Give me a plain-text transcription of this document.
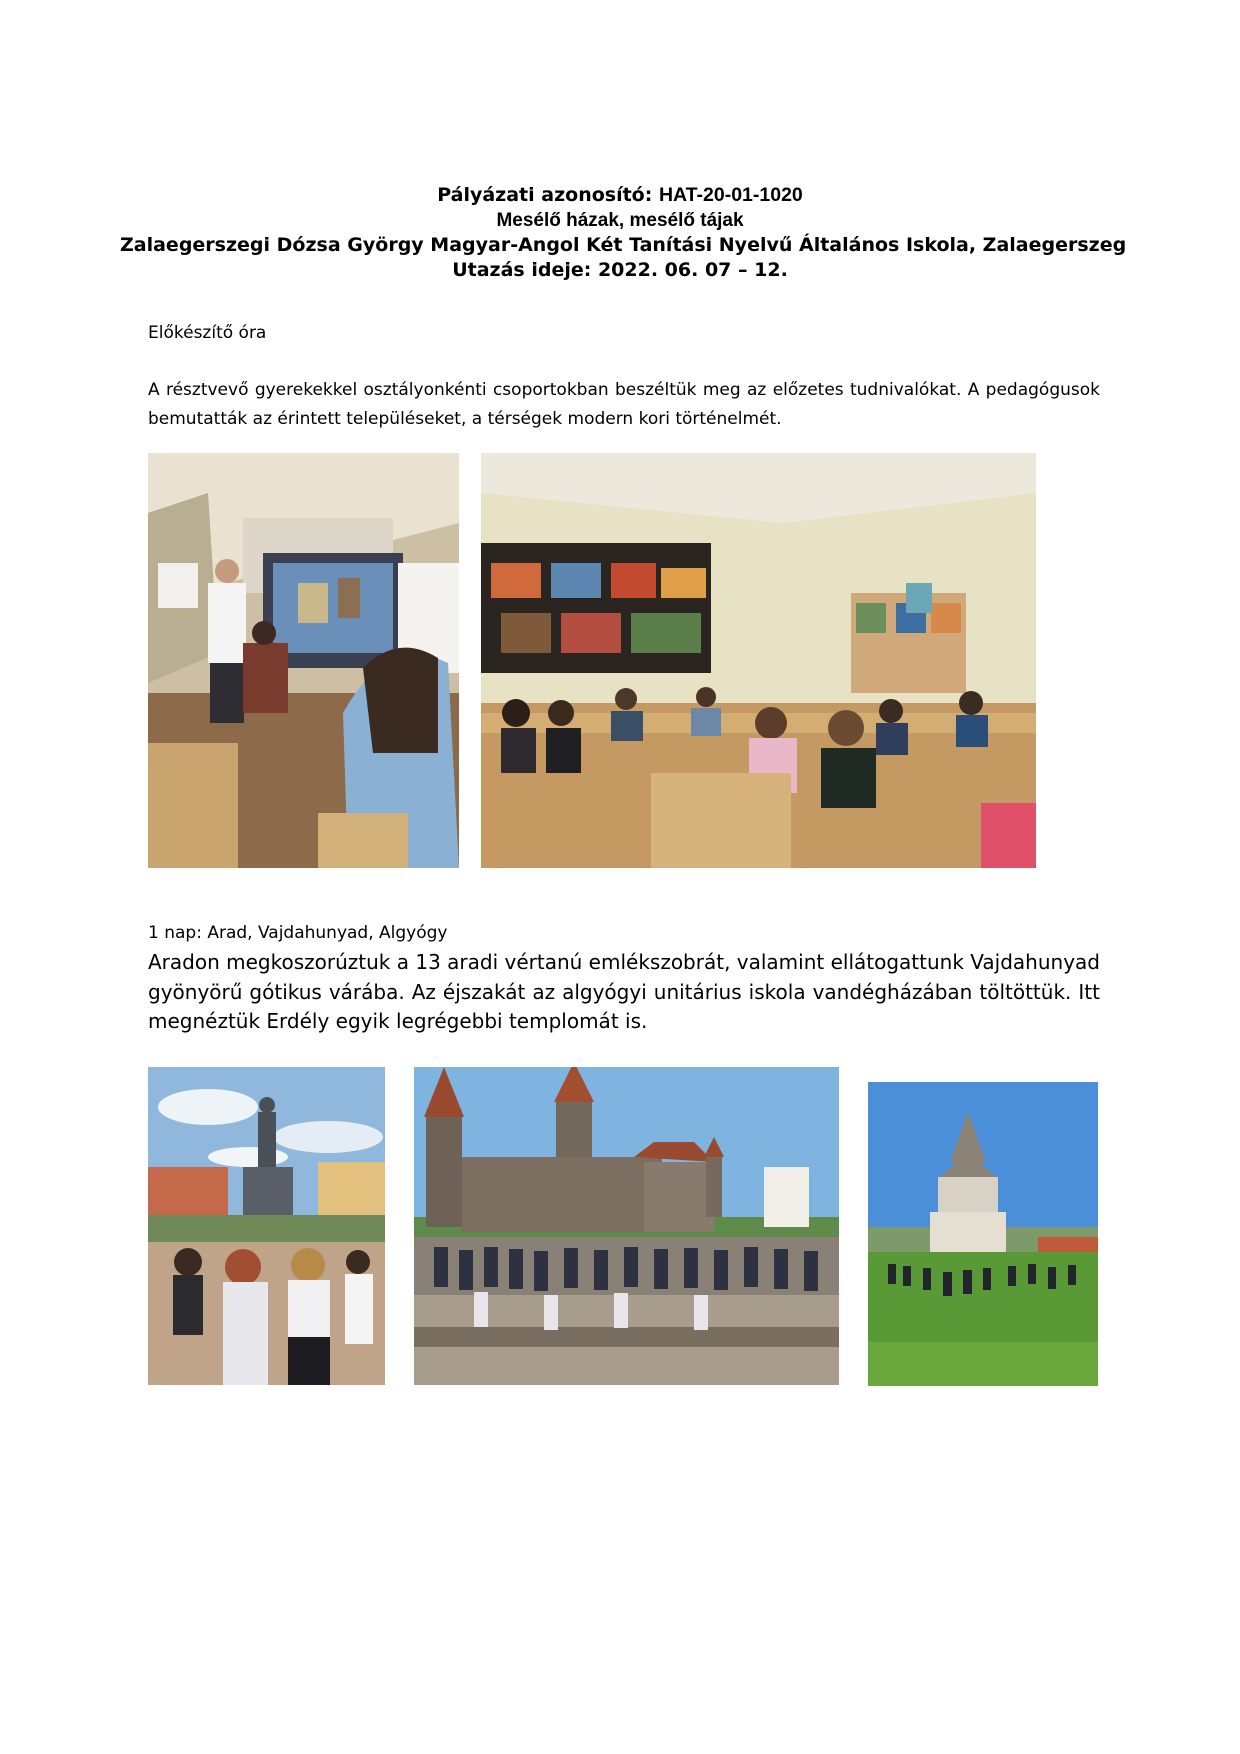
Pályázati azonosító: HAT-20-01-1020
Mesélő házak, mesélő tájak
Zalaegerszegi Dózsa György Magyar-Angol Két Tanítási Nyelvű Általános Iskola, Zalaegerszeg
Utazás ideje: 2022. 06. 07 – 12.
Előkészítő óra
A résztvevő gyerekekkel osztályonkénti csoportokban beszéltük meg az előzetes tudnivalókat. A pedagógusok bemutatták az érintett településeket, a térségek modern kori történelmét.
1 nap: Arad, Vajdahunyad, Algyógy
Aradon megkoszorúztuk a 13 aradi vértanú emlékszobrát, valamint ellátogattunk Vajdahunyad gyönyörű gótikus várába. Az éjszakát az algyógyi unitárius iskola vandégházában töltöttük. Itt megnéztük Erdély egyik legrégebbi templomát is.
